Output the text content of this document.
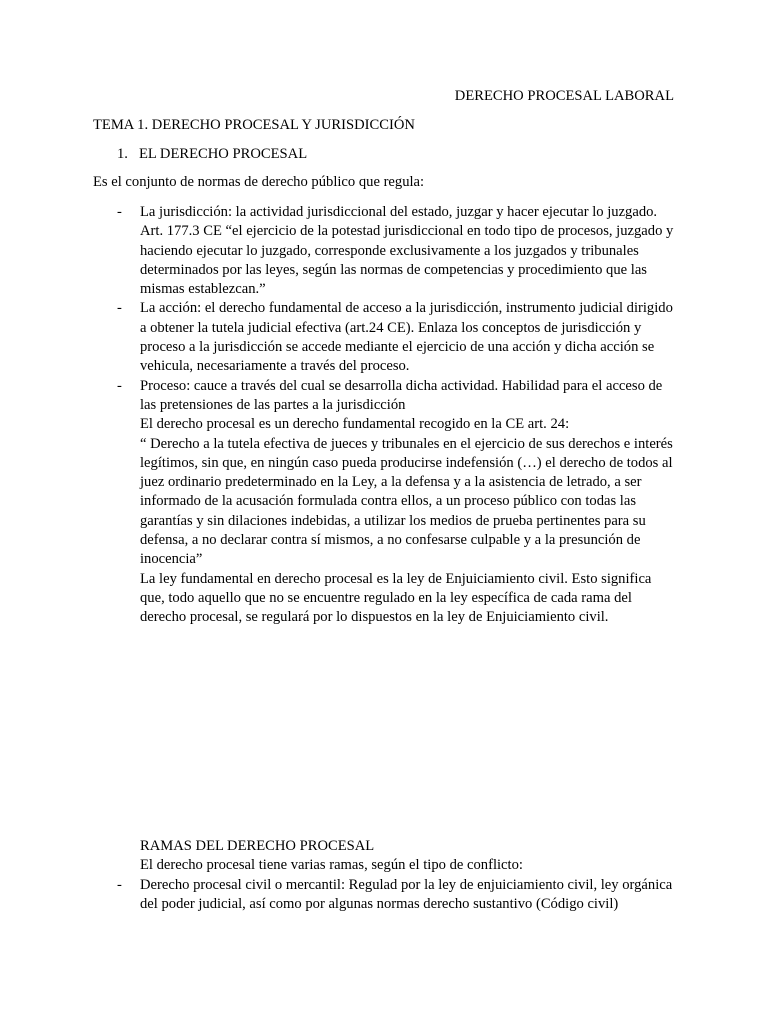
DERECHO PROCESAL LABORAL

TEMA 1. DERECHO PROCESAL Y JURISDICCIÓN

1. EL DERECHO PROCESAL

Es el conjunto de normas de derecho público que regula:

- La jurisdicción: la actividad jurisdiccional del estado, juzgar y hacer ejecutar lo juzgado. Art. 177.3 CE “el ejercicio de la potestad jurisdiccional en todo tipo de procesos, juzgado y haciendo ejecutar lo juzgado, corresponde exclusivamente a los juzgados y tribunales determinados por las leyes, según las normas de competencias y procedimiento que las mismas establezcan.”
- La acción: el derecho fundamental de acceso a la jurisdicción, instrumento judicial dirigido a obtener la tutela judicial efectiva (art.24 CE). Enlaza los conceptos de jurisdicción y proceso a la jurisdicción se accede mediante el ejercicio de una acción y dicha acción se vehicula, necesariamente a través del proceso.
- Proceso: cauce a través del cual se desarrolla dicha actividad. Habilidad para el acceso de las pretensiones de las partes a la jurisdicción
El derecho procesal es un derecho fundamental recogido en la CE art. 24:
“ Derecho a la tutela efectiva de jueces y tribunales en el ejercicio de sus derechos e interés legítimos, sin que, en ningún caso pueda producirse indefensión (…) el derecho de todos al juez ordinario predeterminado en la Ley, a la defensa y a la asistencia de letrado, a ser informado de la acusación formulada contra ellos, a un proceso público con todas las garantías y sin dilaciones indebidas, a utilizar los medios de prueba pertinentes para su defensa, a no declarar contra sí mismos, a no confesarse culpable y a la presunción de inocencia”
La ley fundamental en derecho procesal es la ley de Enjuiciamiento civil. Esto significa que, todo aquello que no se encuentre regulado en la ley específica de cada rama del derecho procesal, se regulará por lo dispuestos en la ley de Enjuiciamiento civil.
RAMAS DEL DERECHO PROCESAL
El derecho procesal tiene varias ramas, según el tipo de conflicto:
- Derecho procesal civil o mercantil: Regulad por la ley de enjuiciamiento civil, ley orgánica del poder judicial, así como por algunas normas derecho sustantivo (Código civil)
